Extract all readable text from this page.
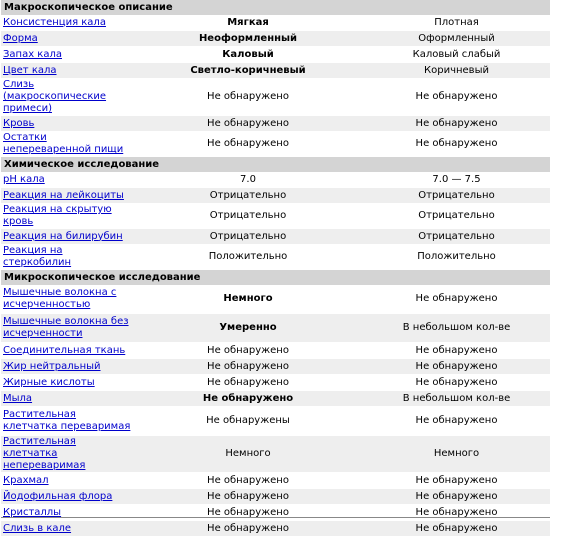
Макроскопическое описание		
Консистенция кала	Мягкая	Плотная
Форма	Неоформленный	Оформленный
Запах кала	Каловый	Каловый слабый
Цвет кала	Светло-коричневый	Коричневый
Слизь (макроскопические примеси)	Не обнаружено	Не обнаружено
Кровь	Не обнаружено	Не обнаружено
Остатки непереваренной пищи	Не обнаружено	Не обнаружено
Химическое исследование		
pH кала	7.0	7.0 — 7.5
Реакция на лейкоциты	Отрицательно	Отрицательно
Реакция на скрытую кровь	Отрицательно	Отрицательно
Реакция на билирубин	Отрицательно	Отрицательно
Реакция на стеркобилин	Положительно	Положительно
Микроскопическое исследование		
Мышечные волокна с исчерченностью	Немного	Не обнаружено
Мышечные волокна без исчерченности	Умеренно	В небольшом кол-ве
Соединительная ткань	Не обнаружено	Не обнаружено
Жир нейтральный	Не обнаружено	Не обнаружено
Жирные кислоты	Не обнаружено	Не обнаружено
Мыла	Не обнаружено	В небольшом кол-ве
Растительная клетчатка переваримая	Не обнаружены	Не обнаружено
Растительная клетчатка непереваримая	Немного	Немного
Крахмал	Не обнаружено	Не обнаружено
Йодофильная флора	Не обнаружено	Не обнаружено
Кристаллы	Не обнаружено	Не обнаружено
Слизь в кале	Не обнаружено	Не обнаружено
